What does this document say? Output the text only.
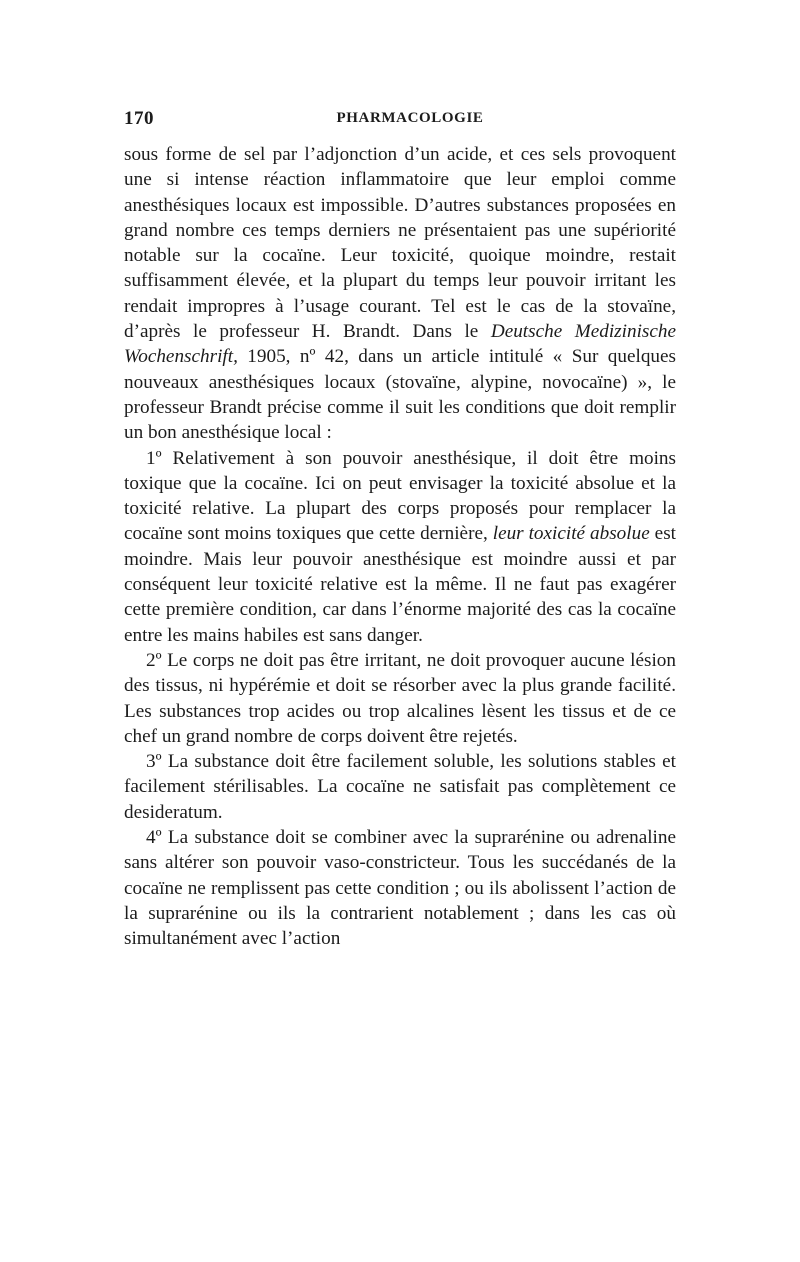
170	PHARMACOLOGIE

sous forme de sel par l’adjonction d’un acide, et ces sels provoquent une si intense réaction inflammatoire que leur emploi comme anesthésiques locaux est impossible. D’autres substances proposées en grand nombre ces temps derniers ne présentaient pas une supériorité notable sur la cocaïne. Leur toxicité, quoique moindre, restait suffisamment élevée, et la plupart du temps leur pouvoir irritant les rendait impropres à l’usage courant. Tel est le cas de la stovaïne, d’après le professeur H. Brandt. Dans le Deutsche Medizinische Wochenschrift, 1905, nº 42, dans un article intitulé « Sur quelques nouveaux anesthésiques locaux (stovaïne, alypine, novocaïne) », le professeur Brandt précise comme il suit les conditions que doit remplir un bon anesthésique local :

1º Relativement à son pouvoir anesthésique, il doit être moins toxique que la cocaïne. Ici on peut envisager la toxicité absolue et la toxicité relative. La plupart des corps proposés pour remplacer la cocaïne sont moins toxiques que cette dernière, leur toxicité absolue est moindre. Mais leur pouvoir anesthésique est moindre aussi et par conséquent leur toxicité relative est la même. Il ne faut pas exagérer cette première condition, car dans l’énorme majorité des cas la cocaïne entre les mains habiles est sans danger.

2º Le corps ne doit pas être irritant, ne doit provoquer aucune lésion des tissus, ni hypérémie et doit se résorber avec la plus grande facilité. Les substances trop acides ou trop alcalines lèsent les tissus et de ce chef un grand nombre de corps doivent être rejetés.

3º La substance doit être facilement soluble, les solutions stables et facilement stérilisables. La cocaïne ne satisfait pas complètement ce desideratum.

4º La substance doit se combiner avec la suprarénine ou adrenaline sans altérer son pouvoir vaso-constricteur. Tous les succédanés de la cocaïne ne remplissent pas cette condition ; ou ils abolissent l’action de la suprarénine ou ils la contrarient notablement ; dans les cas où simultanément avec l’action
